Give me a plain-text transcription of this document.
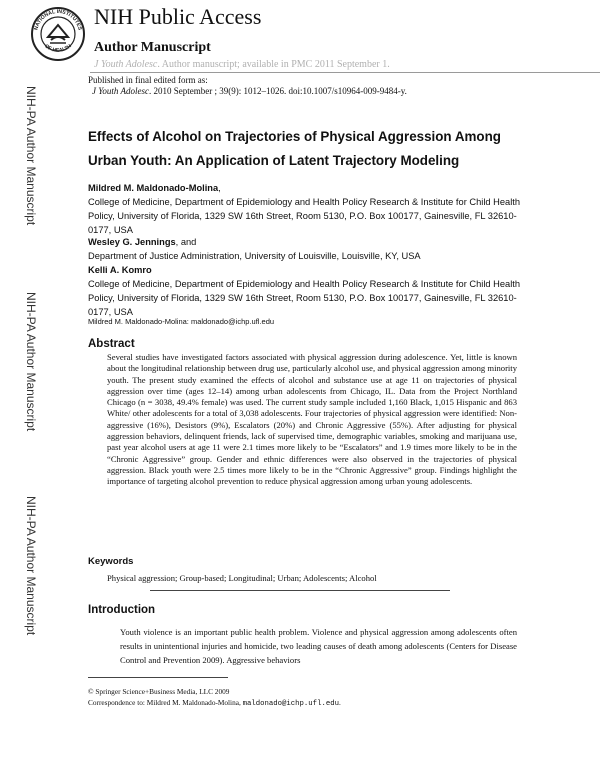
NATIONAL INSTITUTES
OF HEALTH
NIH Public Access
Author Manuscript
J Youth Adolesc. Author manuscript; available in PMC 2011 September 1.
Published in final edited form as:
J Youth Adolesc. 2010 September ; 39(9): 1012–1026. doi:10.1007/s10964-009-9484-y.
NIH-PA Author Manuscript
NIH-PA Author Manuscript
NIH-PA Author Manuscript
Effects of Alcohol on Trajectories of Physical Aggression Among Urban Youth: An Application of Latent Trajectory Modeling
Mildred M. Maldonado-Molina,
College of Medicine, Department of Epidemiology and Health Policy Research & Institute for Child Health Policy, University of Florida, 1329 SW 16th Street, Room 5130, P.O. Box 100177, Gainesville, FL 32610-0177, USA
Wesley G. Jennings, and
Department of Justice Administration, University of Louisville, Louisville, KY, USA
Kelli A. Komro
College of Medicine, Department of Epidemiology and Health Policy Research & Institute for Child Health Policy, University of Florida, 1329 SW 16th Street, Room 5130, P.O. Box 100177, Gainesville, FL 32610-0177, USA
Mildred M. Maldonado-Molina: maldonado@ichp.ufl.edu
Abstract
Several studies have investigated factors associated with physical aggression during adolescence. Yet, little is known about the longitudinal relationship between drug use, particularly alcohol use, and physical aggression among minority youth. The present study examined the effects of alcohol and substance use at age 11 on trajectories of physical aggression over time (ages 12–14) among urban adolescents from Chicago, IL. Data from the Project Northland Chicago (n = 3038, 49.4% female) was used. The current study sample included 1,160 Black, 1,015 Hispanic and 863 White/ other adolescents for a total of 3,038 adolescents. Four trajectories of physical aggression were identified: Non-aggressive (16%), Desistors (9%), Escalators (20%) and Chronic Aggressive (55%). After adjusting for physical aggression behaviors, delinquent friends, lack of supervised time, demographic variables, smoking and marijuana use, past year alcohol users at age 11 were 2.1 times more likely to be “Escalators” and 1.9 times more likely to be in the “Chronic Aggressive” group. Gender and ethnic differences were also observed in the trajectories of physical aggression. Black youth were 2.5 times more likely to be in the “Chronic Aggressive” group. Findings highlight the importance of targeting alcohol prevention to reduce physical aggression among urban young adolescents.
Keywords
Physical aggression; Group-based; Longitudinal; Urban; Adolescents; Alcohol
Introduction
Youth violence is an important public health problem. Violence and physical aggression among adolescents often results in unintentional injuries and homicide, two leading causes of death among adolescents (Centers for Disease Control and Prevention 2009). Aggressive behaviors
© Springer Science+Business Media, LLC 2009
Correspondence to: Mildred M. Maldonado-Molina, maldonado@ichp.ufl.edu.
